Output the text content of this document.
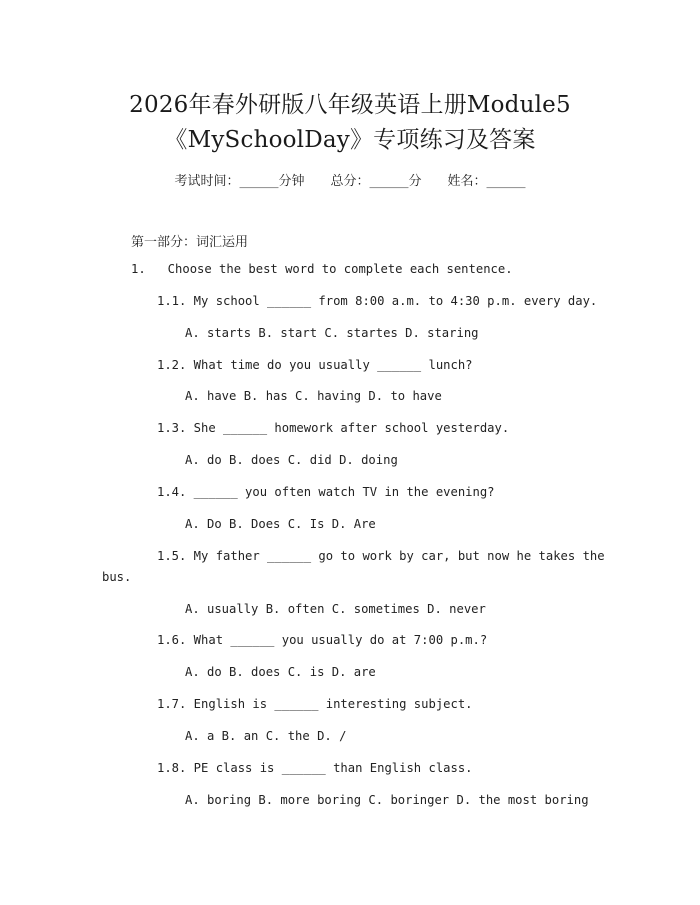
2026年春外研版八年级英语上册Module5
《MySchoolDay》专项练习及答案
考试时间：______分钟 总分：______分 姓名：______
第一部分：词汇运用
1.   Choose the best word to complete each sentence.
1.1. My school ______ from 8:00 a.m. to 4:30 p.m. every day.
A. starts B. start C. startes D. staring
1.2. What time do you usually ______ lunch?
A. have B. has C. having D. to have
1.3. She ______ homework after school yesterday.
A. do B. does C. did D. doing
1.4. ______ you often watch TV in the evening?
A. Do B. Does C. Is D. Are
1.5. My father ______ go to work by car, but now he takes the
bus.
A. usually B. often C. sometimes D. never
1.6. What ______ you usually do at 7:00 p.m.?
A. do B. does C. is D. are
1.7. English is ______ interesting subject.
A. a B. an C. the D. /
1.8. PE class is ______ than English class.
A. boring B. more boring C. boringer D. the most boring
